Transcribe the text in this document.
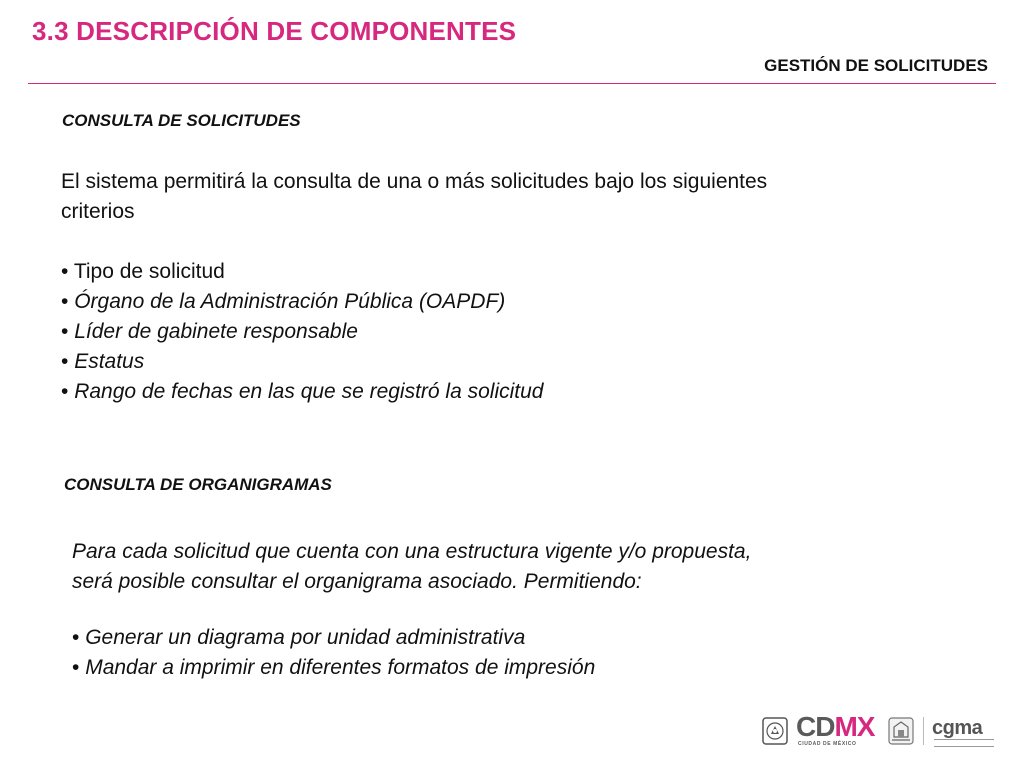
3.3 DESCRIPCIÓN DE COMPONENTES
GESTIÓN DE SOLICITUDES
CONSULTA DE SOLICITUDES
El sistema permitirá la consulta de una o más solicitudes bajo los siguientes
criterios
• Tipo de solicitud
• Órgano de la Administración Pública (OAPDF)
• Líder de gabinete responsable
• Estatus
• Rango de fechas en las que se registró la solicitud
CONSULTA DE ORGANIGRAMAS
Para cada solicitud que cuenta con una estructura vigente y/o propuesta,
será posible consultar el organigrama asociado. Permitiendo:
• Generar un diagrama por unidad administrativa
• Mandar a imprimir en diferentes formatos de impresión
CDMX
CIUDAD DE MÉXICO
cgma
